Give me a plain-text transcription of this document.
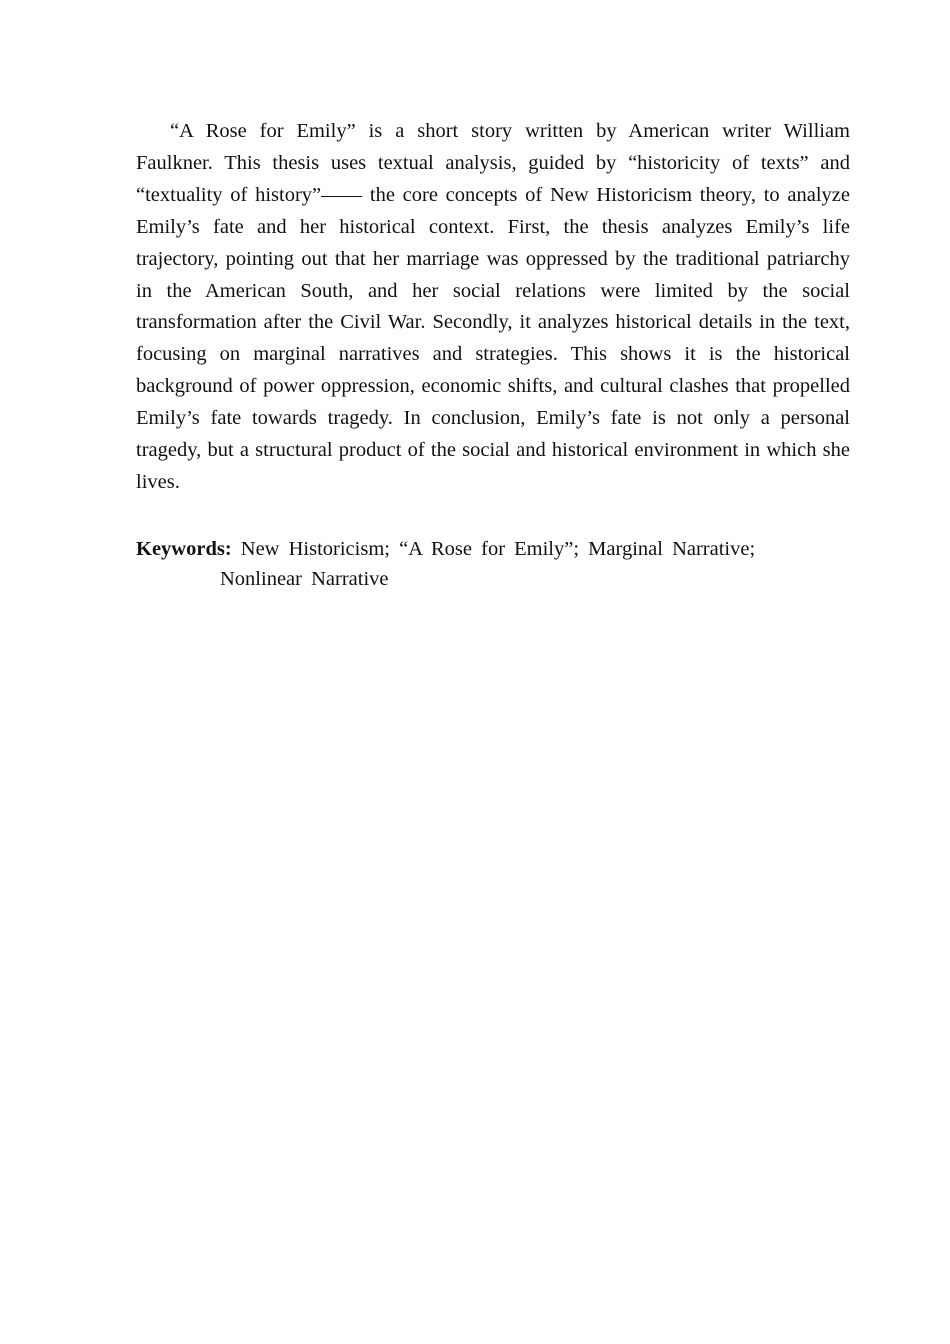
“A Rose for Emily” is a short story written by American writer William Faulkner. This thesis uses textual analysis, guided by “historicity of texts” and “textuality of history”—— the core concepts of New Historicism theory, to analyze Emily’s fate and her historical context. First, the thesis analyzes Emily’s life trajectory, pointing out that her marriage was oppressed by the traditional patriarchy in the American South, and her social relations were limited by the social transformation after the Civil War. Secondly, it analyzes historical details in the text, focusing on marginal narratives and strategies. This shows it is the historical background of power oppression, economic shifts, and cultural clashes that propelled Emily’s fate towards tragedy. In conclusion, Emily’s fate is not only a personal tragedy, but a structural product of the social and historical environment in which she lives.

Keywords: New Historicism; “A Rose for Emily”; Marginal Narrative;
Nonlinear Narrative
